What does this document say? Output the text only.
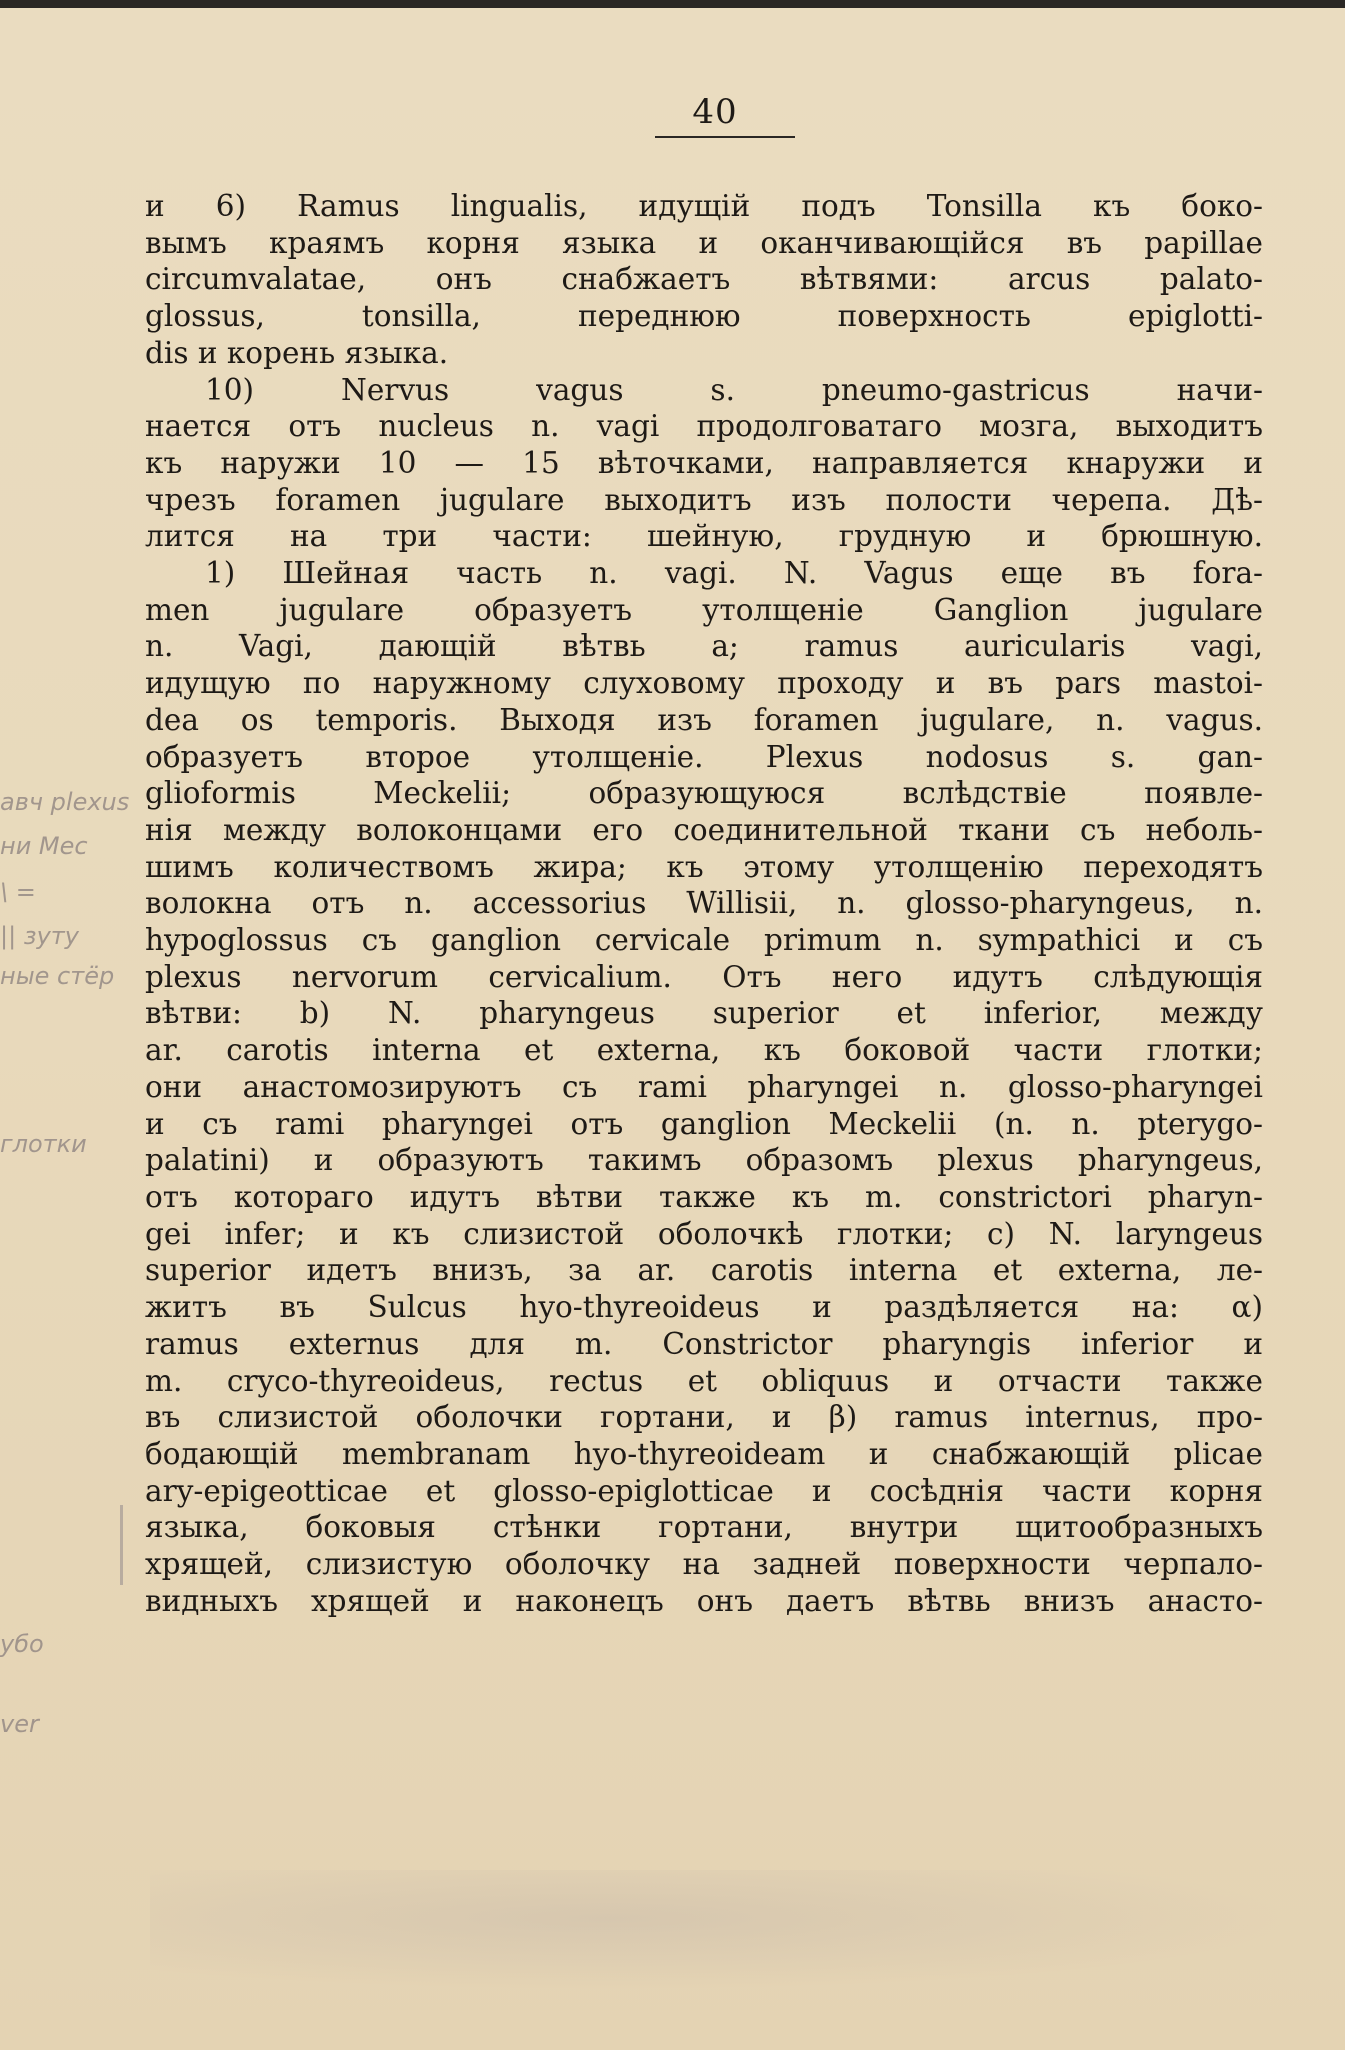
40
и 6) Ramus lingualis, идущій подъ Tonsilla къ боко-
вымъ краямъ корня языка и оканчивающійся въ papillae
circumvalatae, онъ снабжаетъ вѣтвями: arcus palato-
glossus, tonsilla, переднюю поверхность epiglotti-
dis и корень языка.
10) Nervus vagus s. pneumo-gastricus начи-
нается отъ nucleus n. vagi продолговатаго мозга, выходитъ
къ наружи 10 — 15 вѣточками, направляется кнаружи и
чрезъ foramen jugulare выходитъ изъ полости черепа. Дѣ-
лится на три части: шейную, грудную и брюшную.
1) Шейная часть n. vagi. N. Vagus еще въ fora-
men jugulare образуетъ утолщеніе Ganglion jugulare
n. Vagi, дающій вѣтвь a; ramus auricularis vagi,
идущую по наружному слуховому проходу и въ pars mastoi-
dea os temporis. Выходя изъ foramen jugulare, n. vagus.
образуетъ второе утолщеніе. Plexus nodosus s. gan-
glioformis Meckelii; образующуюся вслѣдствіе появле-
нія между волоконцами его соединительной ткани съ неболь-
шимъ количествомъ жира; къ этому утолщенію переходятъ
волокна отъ n. accessorius Willisii, n. glosso-pharyngeus, n.
hypoglossus съ ganglion cervicale primum n. sympathici и съ
plexus nervorum cervicalium. Отъ него идутъ слѣдующія
вѣтви: b) N. pharyngeus superior et inferior, между
ar. carotis interna et externa, къ боковой части глотки;
они анастомозируютъ съ rami pharyngei n. glosso-pharyngei
и съ rami pharyngei отъ ganglion Meckelii (n. n. pterygo-
palatini) и образуютъ такимъ образомъ plexus pharyngeus,
отъ котораго идутъ вѣтви также къ m. constrictori pharyn-
gei infer; и къ слизистой оболочкѣ глотки; c) N. laryngeus
superior идетъ внизъ, за ar. carotis interna et externa, ле-
житъ въ Sulcus hyo-thyreoideus и раздѣляется на: α)
ramus externus для m. Constrictor pharyngis inferior и
m. cryco-thyreoideus, rectus et obliquus и отчасти также
въ слизистой оболочки гортани, и β) ramus internus, про-
бодающій membranam hyo-thyreoideam и снабжающій plicae
ary-epigeotticae et glosso-epiglotticae и сосѣднія части корня
языка, боковыя стѣнки гортани, внутри щитообразныхъ
хрящей, слизистую оболочку на задней поверхности черпало-
видныхъ хрящей и наконецъ онъ даетъ вѣтвь внизъ анасто-
авч plexus
ни Mec
\ =
|| зуту
ные стёр
глотки
убо
ver
